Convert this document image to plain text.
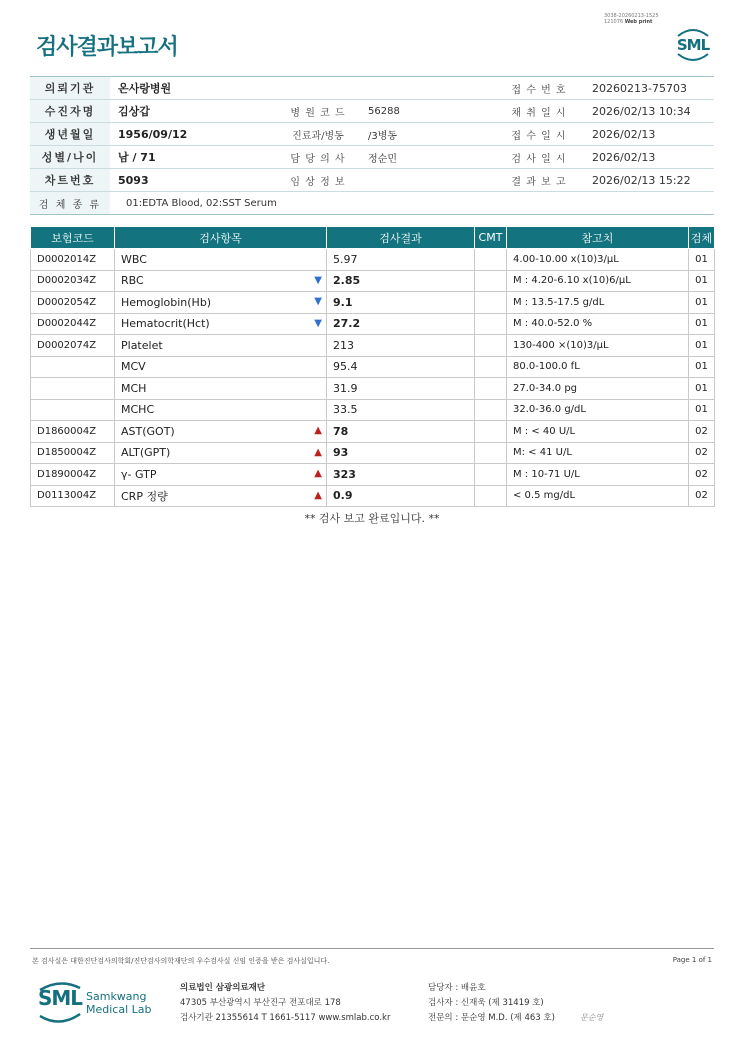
검사결과보고서
3038-20260213-1525
121076 Web print
SML
의뢰기관	온사랑병원	접 수 번 호	20260213-75703
수진자명	김상갑	병 원 코 드	56288	채 취 일 시	2026/02/13 10:34
생년월일	1956/09/12	진료과/병동	/3병동	접 수 일 시	2026/02/13
성별/나이	남 / 71	담 당 의 사	정순민	검 사 일 시	2026/02/13
차트번호	5093	임 상 정 보	결 과 보 고	2026/02/13 15:22
검 체 종 류	01:EDTA Blood, 02:SST Serum
보험코드	검사항목	검사결과	CMT	참고치	검체
D0002014Z	WBC	5.97		4.00-10.00 x(10)3/μL	01
D0002034Z	RBC ▼	2.85		M : 4.20-6.10 x(10)6/μL	01
D0002054Z	Hemoglobin(Hb) ▼	9.1		M : 13.5-17.5 g/dL	01
D0002044Z	Hematocrit(Hct) ▼	27.2		M : 40.0-52.0 %	01
D0002074Z	Platelet	213		130-400 ×(10)3/μL	01
	MCV	95.4		80.0-100.0 fL	01
	MCH	31.9		27.0-34.0 pg	01
	MCHC	33.5		32.0-36.0 g/dL	01
D1860004Z	AST(GOT) ▲	78		M : < 40 U/L	02
D1850004Z	ALT(GPT) ▲	93		M: < 41 U/L	02
D1890004Z	γ- GTP ▲	323		M : 10-71 U/L	02
D0113004Z	CRP 정량 ▲	0.9		< 0.5 mg/dL	02
** 검사 보고 완료입니다. **
본 검사실은 대한진단검사의학회/진단검사의학재단의 우수검사실 신임 인증을 받은 검사실입니다.	Page 1 of 1
SML Samkwang
Medical Lab
의료법인 삼광의료재단
47305 부산광역시 부산진구 전포대로 178
검사기관 21355614 T 1661-5117 www.smlab.co.kr
담당자 : 배윤호
검사자 : 신재욱 (제 31419 호)
전문의 : 문순영 M.D. (제 463 호)	문순영
